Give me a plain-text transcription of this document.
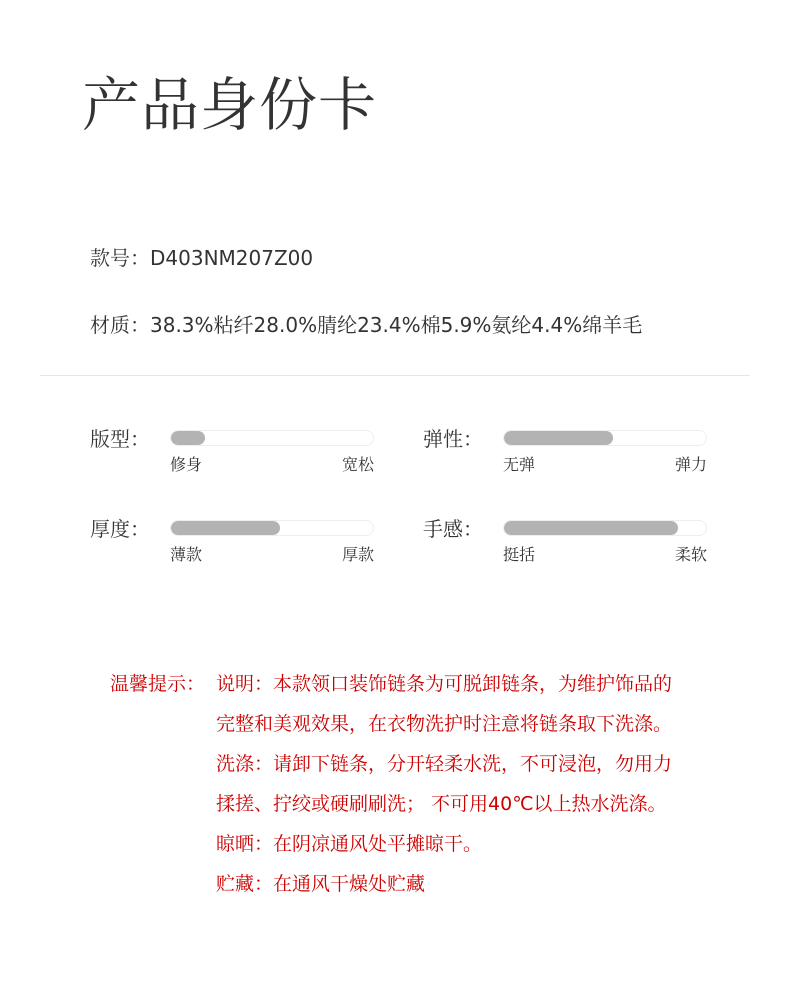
产品身份卡
款号：D403NM207Z00
材质：38.3%粘纤28.0%腈纶23.4%棉5.9%氨纶4.4%绵羊毛
版型：
修身	宽松
弹性：
无弹	弹力
厚度：
薄款	厚款
手感：
挺括	柔软
温馨提示： 说明：本款领口装饰链条为可脱卸链条，为维护饰品的完整和美观效果，在衣物洗护时注意将链条取下洗涤。

洗涤：请卸下链条，分开轻柔水洗，不可浸泡，勿用力揉搓、拧绞或硬刷刷洗； 不可用40℃以上热水洗涤。

晾晒：在阴凉通风处平摊晾干。

贮藏：在通风干燥处贮藏
